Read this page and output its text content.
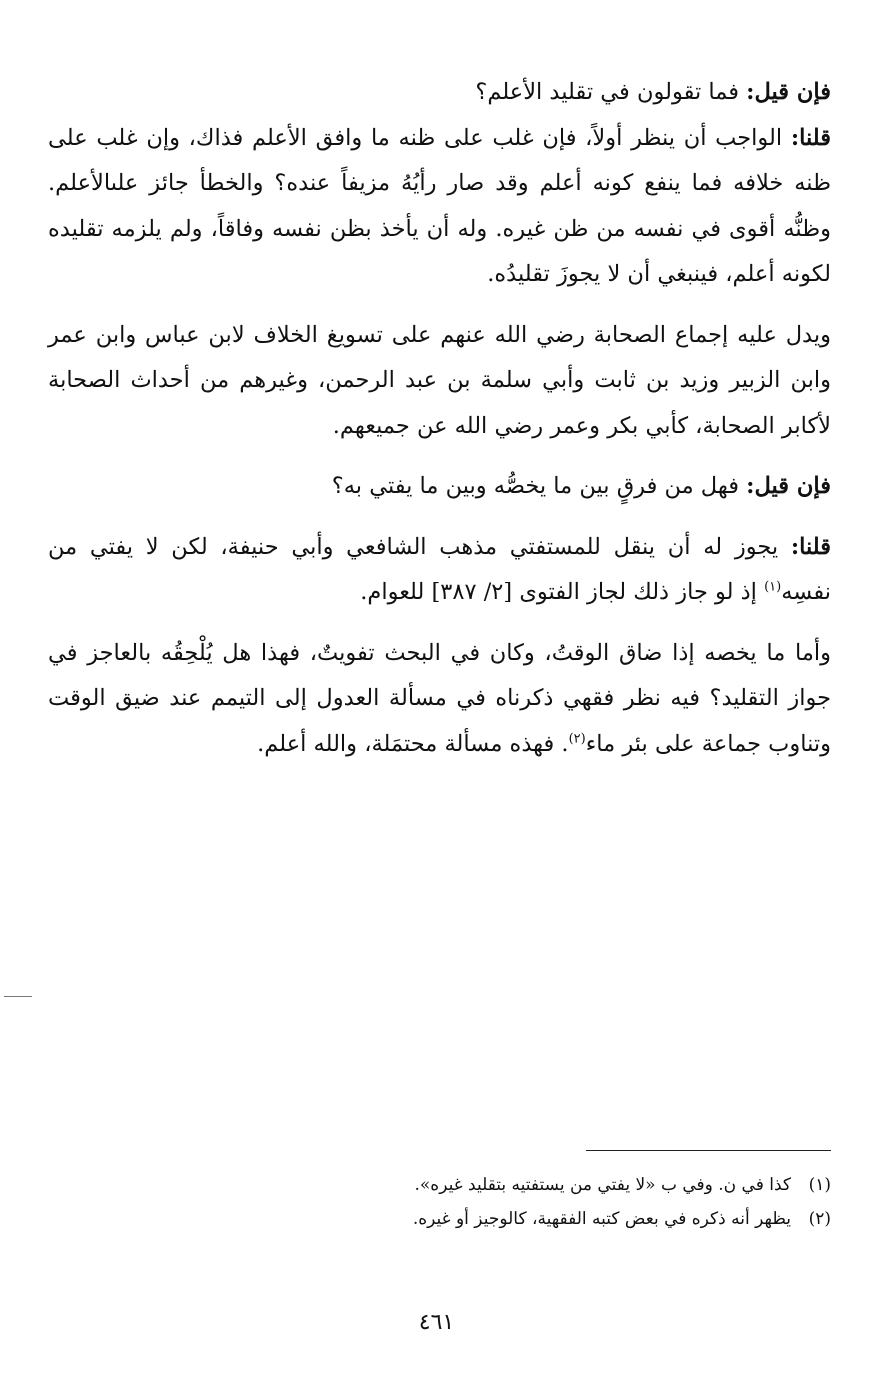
فإن قيل: فما تقولون في تقليد الأعلم؟

قلنا: الواجب أن ينظر أولاً، فإن غلب على ظنه ما وافق الأعلم فذاك، وإن غلب على ظنه خلافه فما ينفع كونه أعلم وقد صار رأيُهُ مزيفاً عنده؟ والخطأ جائز علىالأعلم. وظنُّه أقوى في نفسه من ظن غيره. وله أن يأخذ بظن نفسه وفاقاً، ولم يلزمه تقليده لكونه أعلم، فينبغي أن لا يجوزَ تقليدُه.

ويدل عليه إجماع الصحابة رضي الله عنهم على تسويغ الخلاف لابن عباس وابن عمر وابن الزبير وزيد بن ثابت وأبي سلمة بن عبد الرحمن، وغيرهم من أحداث الصحابة لأكابر الصحابة، كأبي بكر وعمر رضي الله عن جميعهم.

فإن قيل: فهل من فرقٍ بين ما يخصُّه وبين ما يفتي به؟

قلنا: يجوز له أن ينقل للمستفتي مذهب الشافعي وأبي حنيفة، لكن لا يفتي من نفسِه$^{(١)}$ إذ لو جاز ذلك لجاز الفتوى [٢/ ٣٨٧] للعوام.

وأما ما يخصه إذا ضاق الوقتُ، وكان في البحث تفويتٌ، فهذا هل يُلْحِقُه بالعاجز في جواز التقليد؟ فيه نظر فقهي ذكرناه في مسألة العدول إلى التيمم عند ضيق الوقت وتناوب جماعة على بئر ماء$^{(٢)}$. فهذه مسألة محتمَلة، والله أعلم.

(١)كذا في ن. وفي ب «لا يفتي من يستفتيه بتقليد غيره».

(٢)يظهر أنه ذكره في بعض كتبه الفقهية، كالوجيز أو غيره.

٤٦١
